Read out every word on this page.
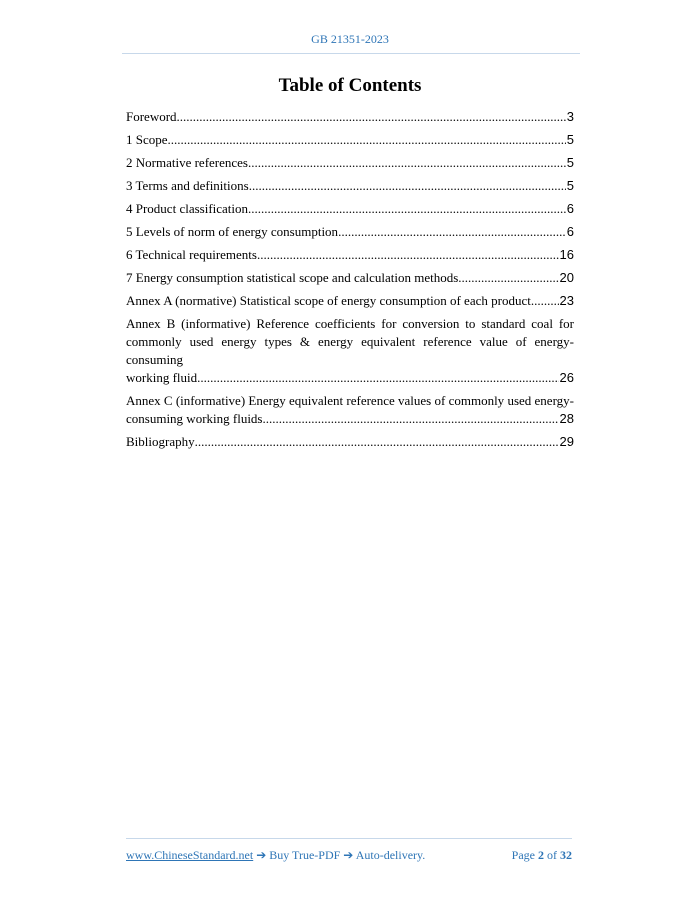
GB 21351-2023
Table of Contents
Foreword .....	3
1 Scope .....	5
2 Normative references .....	5
3 Terms and definitions .....	5
4 Product classification .....	6
5 Levels of norm of energy consumption .....	6
6 Technical requirements .....	16
7 Energy consumption statistical scope and calculation methods .....	20
Annex A (normative) Statistical scope of energy consumption of each product ..... 23
Annex B (informative) Reference coefficients for conversion to standard coal for
commonly used energy types & energy equivalent reference value of energy-consuming
working fluid .....	26
Annex C (informative) Energy equivalent reference values of commonly used energy-
consuming working fluids .....	28
Bibliography .....	29
www.ChineseStandard.net ➔ Buy True-PDF ➔ Auto-delivery.	Page 2 of 32
